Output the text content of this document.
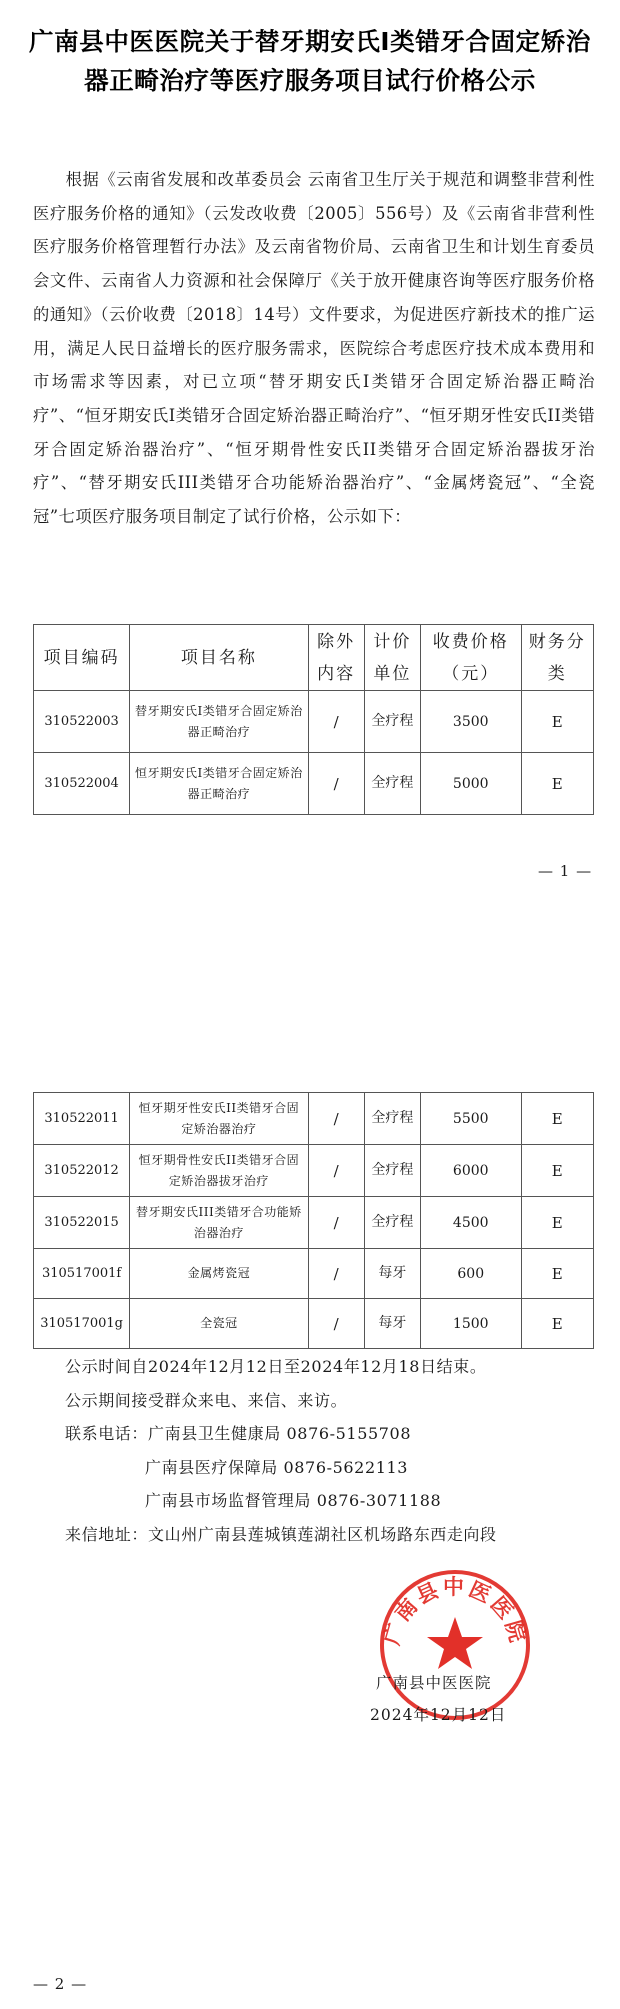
广南县中医医院关于替牙期安氏Ⅰ类错牙合固定矫治器正畸治疗等医疗服务项目试行价格公示
根据《云南省发展和改革委员会 云南省卫生厅关于规范和调整非营利性医疗服务价格的通知》（云发改收费〔2005〕556号）及《云南省非营利性医疗服务价格管理暂行办法》及云南省物价局、云南省卫生和计划生育委员会文件、云南省人力资源和社会保障厅《关于放开健康咨询等医疗服务价格的通知》（云价收费〔2018〕14号）文件要求，为促进医疗新技术的推广运用，满足人民日益增长的医疗服务需求，医院综合考虑医疗技术成本费用和市场需求等因素，对已立项“替牙期安氏Ⅰ类错牙合固定矫治器正畸治疗”、“恒牙期安氏Ⅰ类错牙合固定矫治器正畸治疗”、“恒牙期牙性安氏II类错牙合固定矫治器治疗”、“恒牙期骨性安氏II类错牙合固定矫治器拔牙治疗”、“替牙期安氏III类错牙合功能矫治器治疗”、“金属烤瓷冠”、“全瓷冠”七项医疗服务项目制定了试行价格，公示如下：
项目编码	项目名称	除外内容	计价单位	收费价格（元）	财务分类
310522003	替牙期安氏Ⅰ类错牙合固定矫治器正畸治疗	/	全疗程	3500	E
310522004	恒牙期安氏Ⅰ类错牙合固定矫治器正畸治疗	/	全疗程	5000	E
— 1 —
310522011	恒牙期牙性安氏II类错牙合固定矫治器治疗	/	全疗程	5500	E
310522012	恒牙期骨性安氏II类错牙合固定矫治器拔牙治疗	/	全疗程	6000	E
310522015	替牙期安氏III类错牙合功能矫治器治疗	/	全疗程	4500	E
310517001f	金属烤瓷冠	/	每牙	600	E
310517001g	全瓷冠	/	每牙	1500	E

公示时间自2024年12月12日至2024年12月18日结束。

公示期间接受群众来电、来信、来访。

联系电话：广南县卫生健康局 0876-5155708

广南县医疗保障局 0876-5622113

广南县市场监督管理局 0876-3071188

来信地址：文山州广南县莲城镇莲湖社区机场路东西走向段

广南县中医医院
广南县中医医院
2024年12月12日
— 2 —
